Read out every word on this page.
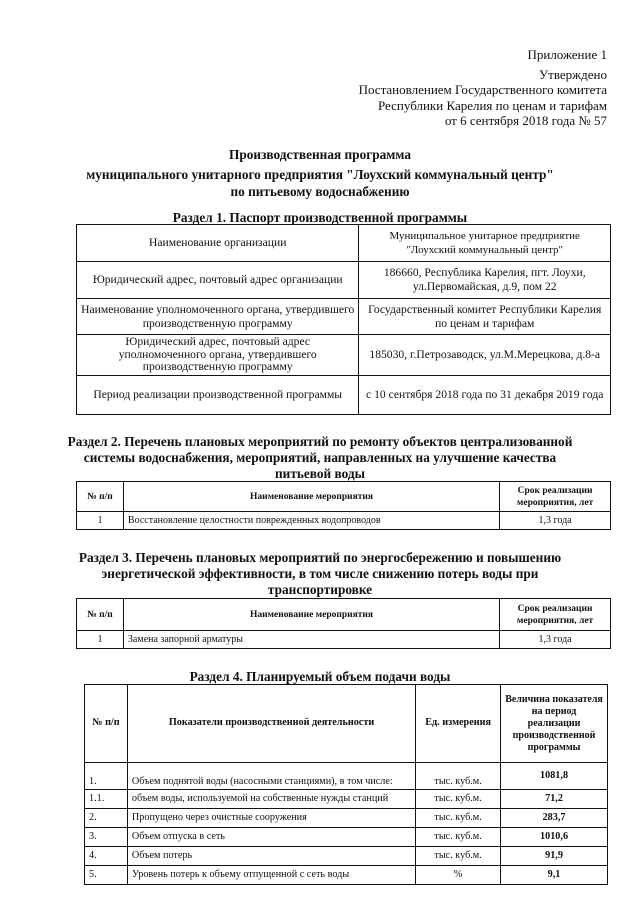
Приложение 1
Утверждено
Постановлением Государственного комитета
Республики Карелия по ценам и тарифам
от 6 сентября 2018 года № 57
Производственная программа
муниципального унитарного предприятия "Лоухский коммунальный центр"
по питьевому водоснабжению
Раздел 1. Паспорт производственной программы
Наименование организации	Муниципальное унитарное предприятие "Лоухский коммунальный центр"
Юридический адрес, почтовый адрес организации	186660, Республика Карелия, пгт. Лоухи, ул.Первомайская, д.9, пом 22
Наименование уполномоченного органа, утвердившего производственную программу	Государственный комитет Республики Карелия по ценам и тарифам
Юридический адрес, почтовый адрес уполномоченного органа, утвердившего производственную программу	185030, г.Петрозаводск, ул.М.Мерецкова, д.8-а
Период реализации производственной программы	с 10 сентября 2018 года по 31 декабря 2019 года
Раздел 2. Перечень плановых мероприятий по ремонту объектов централизованной
системы водоснабжения, мероприятий, направленных на улучшение качества
питьевой воды
№ п/п	Наименование мероприятия	Срок реализации мероприятия, лет
1	Восстановление целостности поврежденных водопроводов	1,3 года
Раздел 3. Перечень плановых мероприятий по энергосбережению и повышению
энергетической эффективности, в том числе снижению потерь воды при
транспортировке
№ п/п	Наименование мероприятия	Срок реализации мероприятия, лет
1	Замена запорной арматуры	1,3 года
Раздел 4. Планируемый объем подачи воды
№ п/п	Показатели производственной деятельности	Ед. измерения	Величина показателя на период реализации производственной программы
1.	Объем поднятой воды (насосными станциями), в том числе:	тыс. куб.м.	1081,8
1.1.	объем воды, используемой на собственные нужды станций	тыс. куб.м.	71,2
2.	Пропущено через очистные сооружения	тыс. куб.м.	283,7
3.	Объем отпуска в сеть	тыс. куб.м.	1010,6
4.	Объем потерь	тыс. куб.м.	91,9
5.	Уровень потерь к объему отпущенной с сеть воды	%	9,1
